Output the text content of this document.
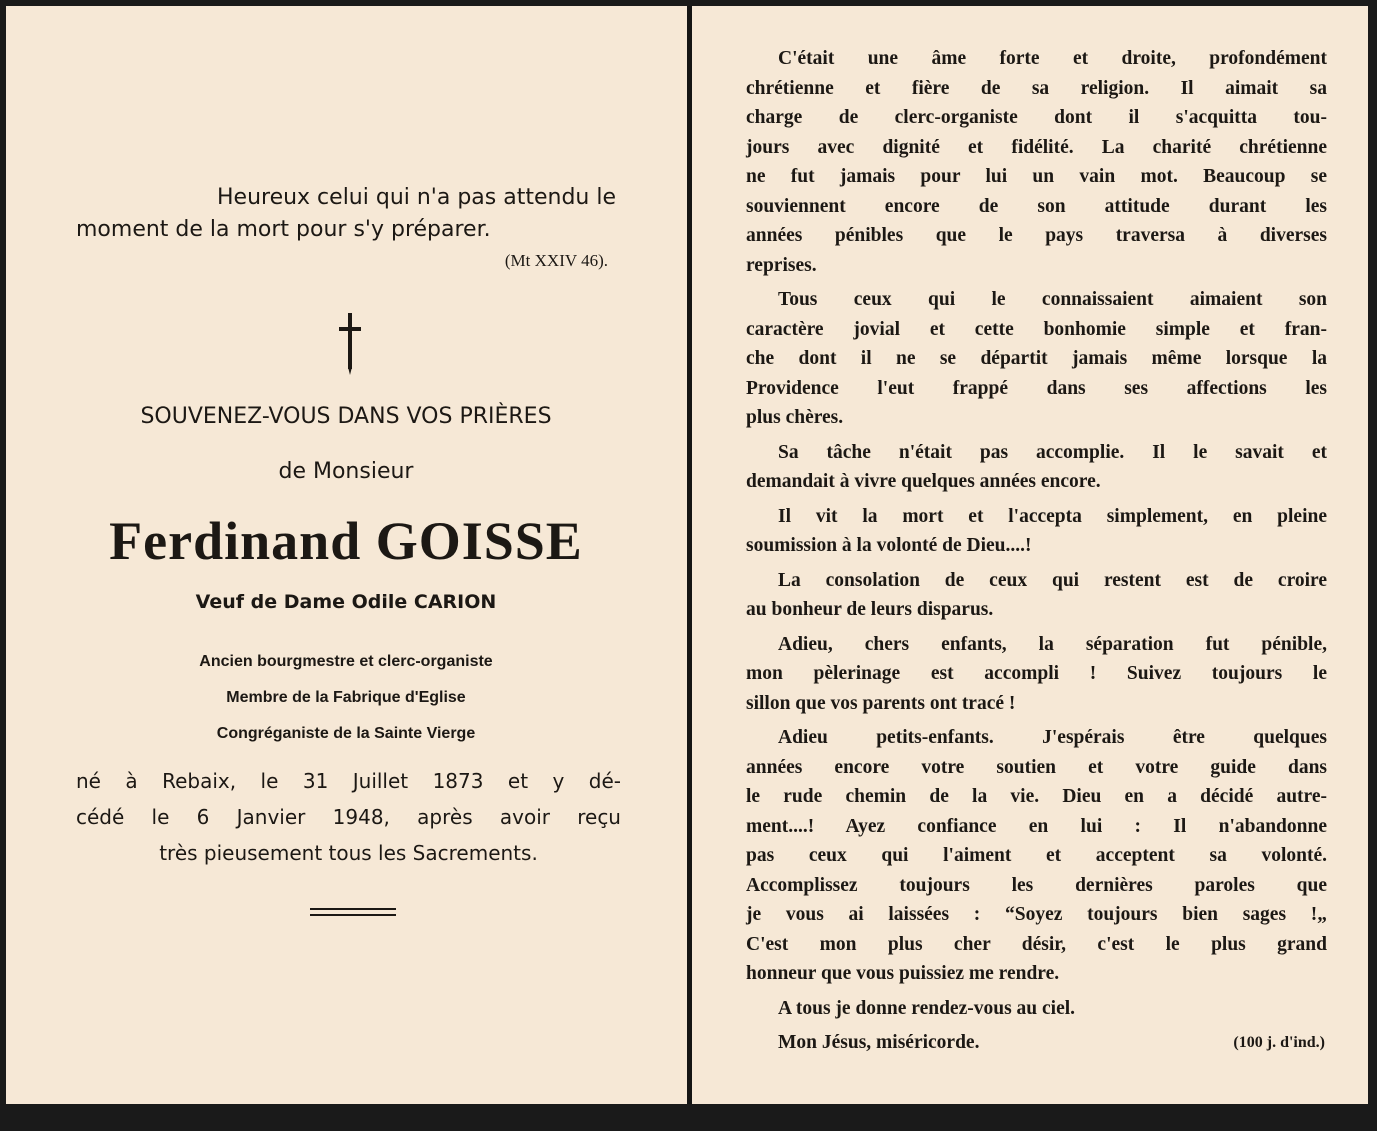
Heureux celui qui n'a pas attendu le
moment de la mort pour s'y préparer.
(Mt XXIV 46).
SOUVENEZ-VOUS DANS VOS PRIÈRES
de Monsieur
Ferdinand GOISSE
Veuf de Dame Odile CARION
Ancien bourgmestre et clerc-organiste
Membre de la Fabrique d'Eglise
Congréganiste de la Sainte Vierge
né à Rebaix, le 31 Juillet 1873 et y dé-
cédé le 6 Janvier 1948, après avoir reçu
très pieusement tous les Sacrements.
C'était une âme forte et droite, profondément
chrétienne et fière de sa religion. Il aimait sa
charge de clerc-organiste dont il s'acquitta tou-
jours avec dignité et fidélité. La charité chrétienne
ne fut jamais pour lui un vain mot. Beaucoup se
souviennent encore de son attitude durant les
années pénibles que le pays traversa à diverses
reprises.
Tous ceux qui le connaissaient aimaient son
caractère jovial et cette bonhomie simple et fran-
che dont il ne se départit jamais même lorsque la
Providence l'eut frappé dans ses affections les
plus chères.
Sa tâche n'était pas accomplie. Il le savait et
demandait à vivre quelques années encore.
Il vit la mort et l'accepta simplement, en pleine
soumission à la volonté de Dieu....!
La consolation de ceux qui restent est de croire
au bonheur de leurs disparus.
Adieu, chers enfants, la séparation fut pénible,
mon pèlerinage est accompli ! Suivez toujours le
sillon que vos parents ont tracé !
Adieu petits-enfants. J'espérais être quelques
années encore votre soutien et votre guide dans
le rude chemin de la vie. Dieu en a décidé autre-
ment....! Ayez confiance en lui : Il n'abandonne
pas ceux qui l'aiment et acceptent sa volonté.
Accomplissez toujours les dernières paroles que
je vous ai laissées : “Soyez toujours bien sages !„
C'est mon plus cher désir, c'est le plus grand
honneur que vous puissiez me rendre.
A tous je donne rendez-vous au ciel.
Mon Jésus, miséricorde.	(100 j. d'ind.)
